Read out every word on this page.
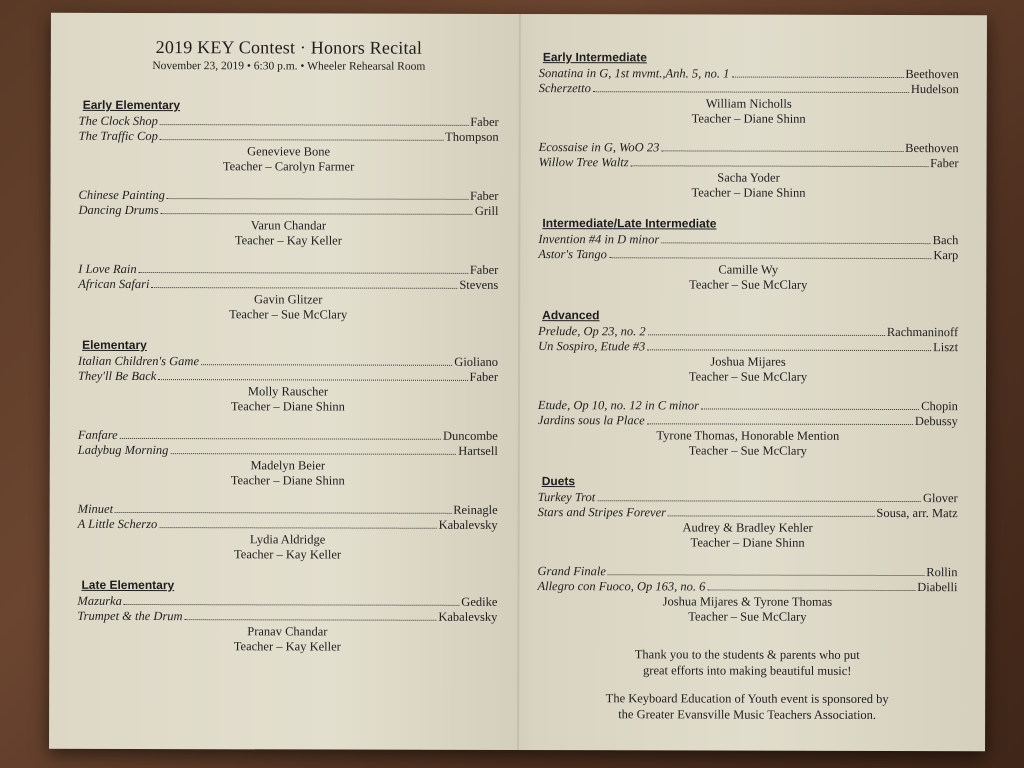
2019 KEY Contest · Honors Recital
November 23, 2019 • 6:30 p.m. • Wheeler Rehearsal Room
Early Elementary
The Clock Shop	Faber
The Traffic Cop	Thompson
Genevieve Bone
Teacher – Carolyn Farmer
Chinese Painting	Faber
Dancing Drums	Grill
Varun Chandar
Teacher – Kay Keller
I Love Rain	Faber
African Safari	Stevens
Gavin Glitzer
Teacher – Sue McClary
Elementary
Italian Children's Game	Gioliano
They'll Be Back	Faber
Molly Rauscher
Teacher – Diane Shinn
Fanfare	Duncombe
Ladybug Morning	Hartsell
Madelyn Beier
Teacher – Diane Shinn
Minuet	Reinagle
A Little Scherzo	Kabalevsky
Lydia Aldridge
Teacher – Kay Keller
Late Elementary
Mazurka	Gedike
Trumpet & the Drum	Kabalevsky
Pranav Chandar
Teacher – Kay Keller
Early Intermediate
Sonatina in G, 1st mvmt.,Anh. 5, no. 1	Beethoven
Scherzetto	Hudelson
William Nicholls
Teacher – Diane Shinn
Ecossaise in G, WoO 23	Beethoven
Willow Tree Waltz	Faber
Sacha Yoder
Teacher – Diane Shinn
Intermediate/Late Intermediate
Invention #4 in D minor	Bach
Astor's Tango	Karp
Camille Wy
Teacher – Sue McClary
Advanced
Prelude, Op 23, no. 2	Rachmaninoff
Un Sospiro, Etude #3	Liszt
Joshua Mijares
Teacher – Sue McClary
Etude, Op 10, no. 12 in C minor	Chopin
Jardins sous la Place	Debussy
Tyrone Thomas, Honorable Mention
Teacher – Sue McClary
Duets
Turkey Trot	Glover
Stars and Stripes Forever	Sousa, arr. Matz
Audrey & Bradley Kehler
Teacher – Diane Shinn
Grand Finale	Rollin
Allegro con Fuoco, Op 163, no. 6	Diabelli
Joshua Mijares & Tyrone Thomas
Teacher – Sue McClary

Thank you to the students & parents who put
great efforts into making beautiful music!

The Keyboard Education of Youth event is sponsored by
the Greater Evansville Music Teachers Association.
